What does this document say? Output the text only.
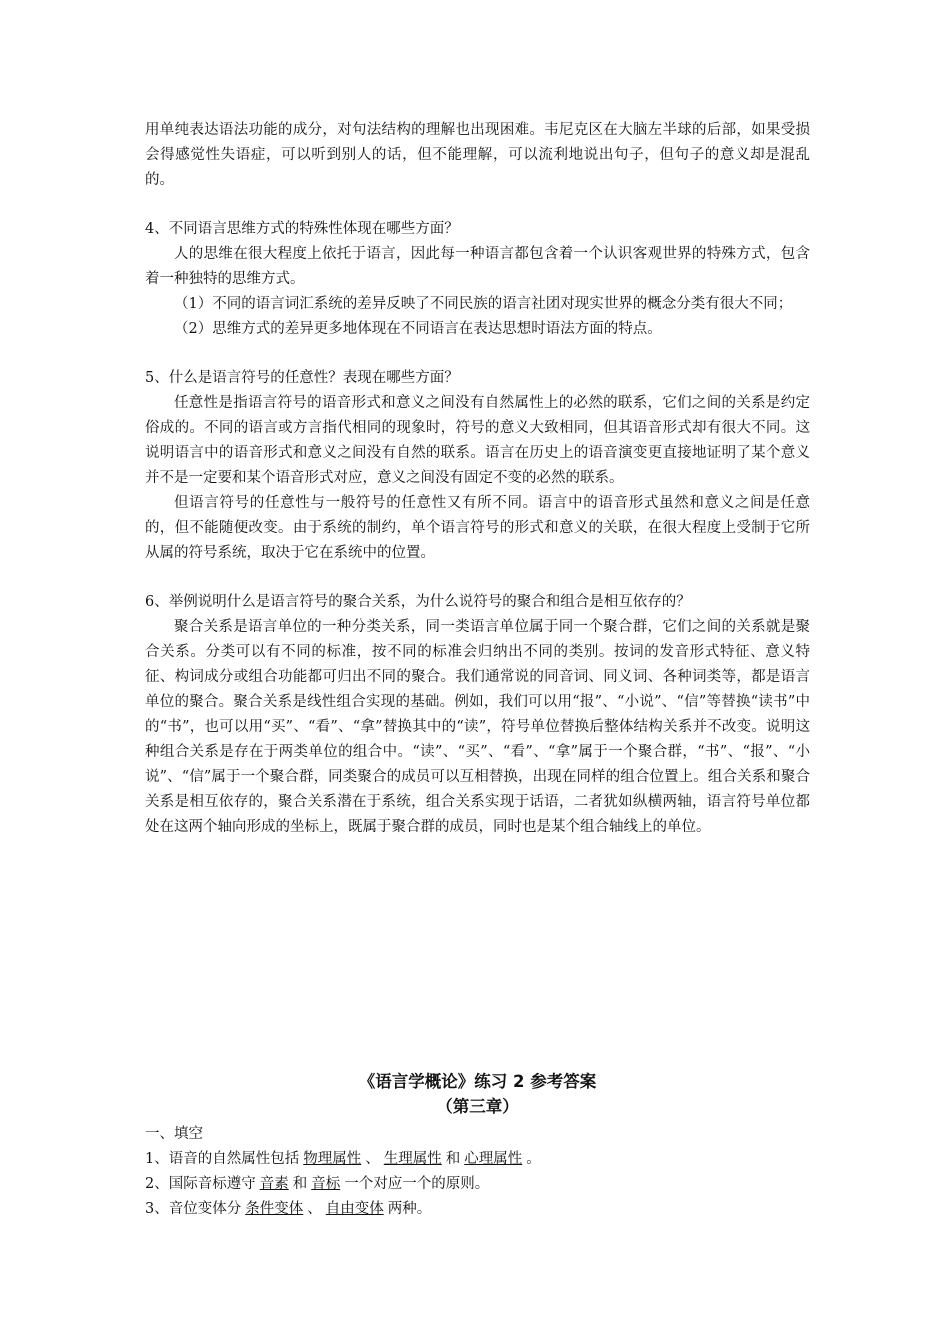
用单纯表达语法功能的成分，对句法结构的理解也出现困难。韦尼克区在大脑左半球的后部，如果受损会得感觉性失语症，可以听到别人的话，但不能理解，可以流利地说出句子，但句子的意义却是混乱的。

4、不同语言思维方式的特殊性体现在哪些方面？

人的思维在很大程度上依托于语言，因此每一种语言都包含着一个认识客观世界的特殊方式，包含着一种独特的思维方式。

（1）不同的语言词汇系统的差异反映了不同民族的语言社团对现实世界的概念分类有很大不同；

（2）思维方式的差异更多地体现在不同语言在表达思想时语法方面的特点。

5、什么是语言符号的任意性？表现在哪些方面？

任意性是指语言符号的语音形式和意义之间没有自然属性上的必然的联系，它们之间的关系是约定俗成的。不同的语言或方言指代相同的现象时，符号的意义大致相同，但其语音形式却有很大不同。这说明语言中的语音形式和意义之间没有自然的联系。语言在历史上的语音演变更直接地证明了某个意义并不是一定要和某个语音形式对应，意义之间没有固定不变的必然的联系。

但语言符号的任意性与一般符号的任意性又有所不同。语言中的语音形式虽然和意义之间是任意的，但不能随便改变。由于系统的制约，单个语言符号的形式和意义的关联，在很大程度上受制于它所从属的符号系统，取决于它在系统中的位置。

6、举例说明什么是语言符号的聚合关系，为什么说符号的聚合和组合是相互依存的？

聚合关系是语言单位的一种分类关系，同一类语言单位属于同一个聚合群，它们之间的关系就是聚合关系。分类可以有不同的标准，按不同的标准会归纳出不同的类别。按词的发音形式特征、意义特征、构词成分或组合功能都可归出不同的聚合。我们通常说的同音词、同义词、各种词类等，都是语言单位的聚合。聚合关系是线性组合实现的基础。例如，我们可以用“报”、“小说”、“信”等替换“读书”中的“书”，也可以用“买”、“看”、“拿”替换其中的“读”，符号单位替换后整体结构关系并不改变。说明这种组合关系是存在于两类单位的组合中。“读”、“买”、“看”、“拿”属于一个聚合群，“书”、“报”、“小说”、“信”属于一个聚合群，同类聚合的成员可以互相替换，出现在同样的组合位置上。组合关系和聚合关系是相互依存的，聚合关系潜在于系统，组合关系实现于话语，二者犹如纵横两轴，语言符号单位都处在这两个轴向形成的坐标上，既属于聚合群的成员，同时也是某个组合轴线上的单位。

《语言学概论》练习 2 参考答案
（第三章）

一、填空

1、语音的自然属性包括 物理属性 、 生理属性 和 心理属性 。

2、国际音标遵守 音素 和 音标 一个对应一个的原则。

3、音位变体分 条件变体 、 自由变体 两种。
